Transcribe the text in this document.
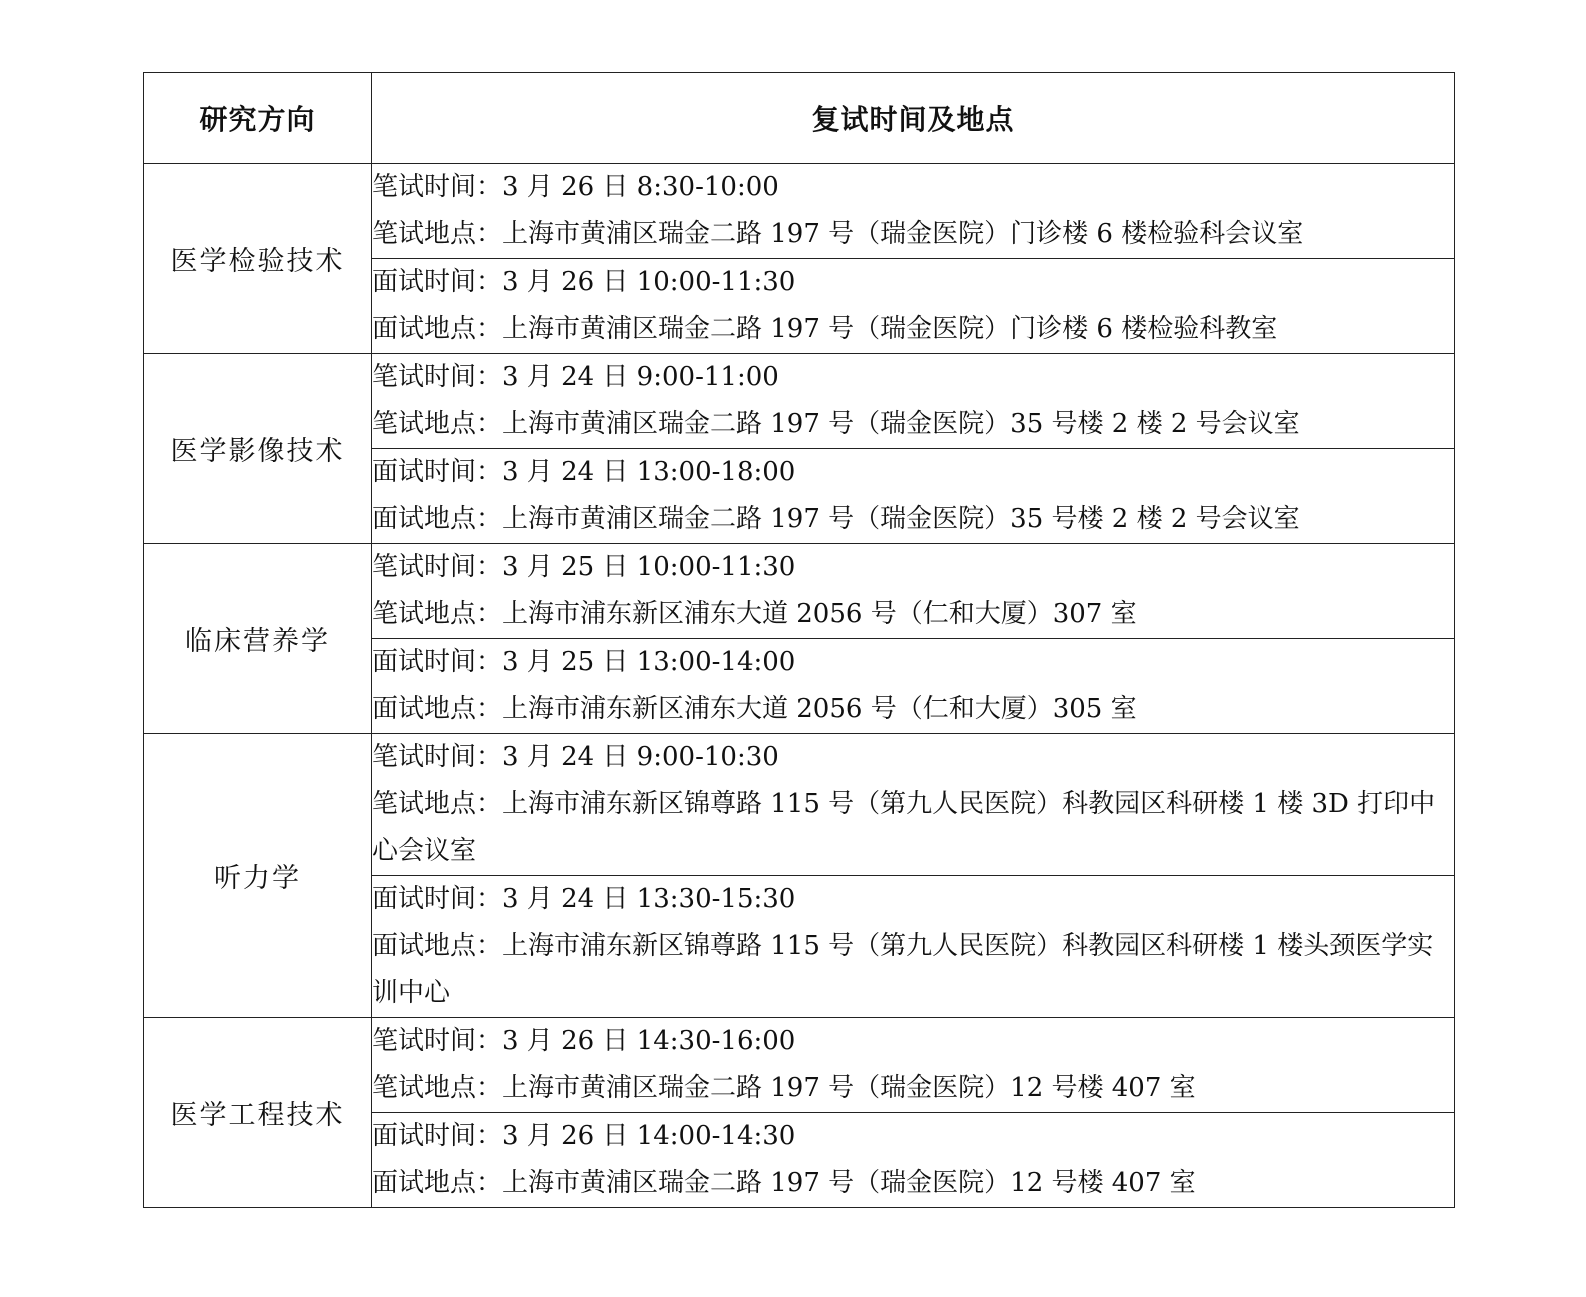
研究方向	复试时间及地点
医学检验技术	笔试时间：3 月 26 日 8:30-10:00
笔试地点：上海市黄浦区瑞金二路 197 号（瑞金医院）门诊楼 6 楼检验科会议室

	面试时间：3 月 26 日 10:00-11:30
面试地点：上海市黄浦区瑞金二路 197 号（瑞金医院）门诊楼 6 楼检验科教室

医学影像技术	笔试时间：3 月 24 日 9:00-11:00
笔试地点：上海市黄浦区瑞金二路 197 号（瑞金医院）35 号楼 2 楼 2 号会议室

	面试时间：3 月 24 日 13:00-18:00
面试地点：上海市黄浦区瑞金二路 197 号（瑞金医院）35 号楼 2 楼 2 号会议室

临床营养学	笔试时间：3 月 25 日 10:00-11:30
笔试地点：上海市浦东新区浦东大道 2056 号（仁和大厦）307 室

	面试时间：3 月 25 日 13:00-14:00
面试地点：上海市浦东新区浦东大道 2056 号（仁和大厦）305 室

听力学	笔试时间：3 月 24 日 9:00-10:30
笔试地点：上海市浦东新区锦尊路 115 号（第九人民医院）科教园区科研楼 1 楼 3D 打印中心会议室

	面试时间：3 月 24 日 13:30-15:30
面试地点：上海市浦东新区锦尊路 115 号（第九人民医院）科教园区科研楼 1 楼头颈医学实训中心

医学工程技术	笔试时间：3 月 26 日 14:30-16:00
笔试地点：上海市黄浦区瑞金二路 197 号（瑞金医院）12 号楼 407 室

	面试时间：3 月 26 日 14:00-14:30
面试地点：上海市黄浦区瑞金二路 197 号（瑞金医院）12 号楼 407 室
